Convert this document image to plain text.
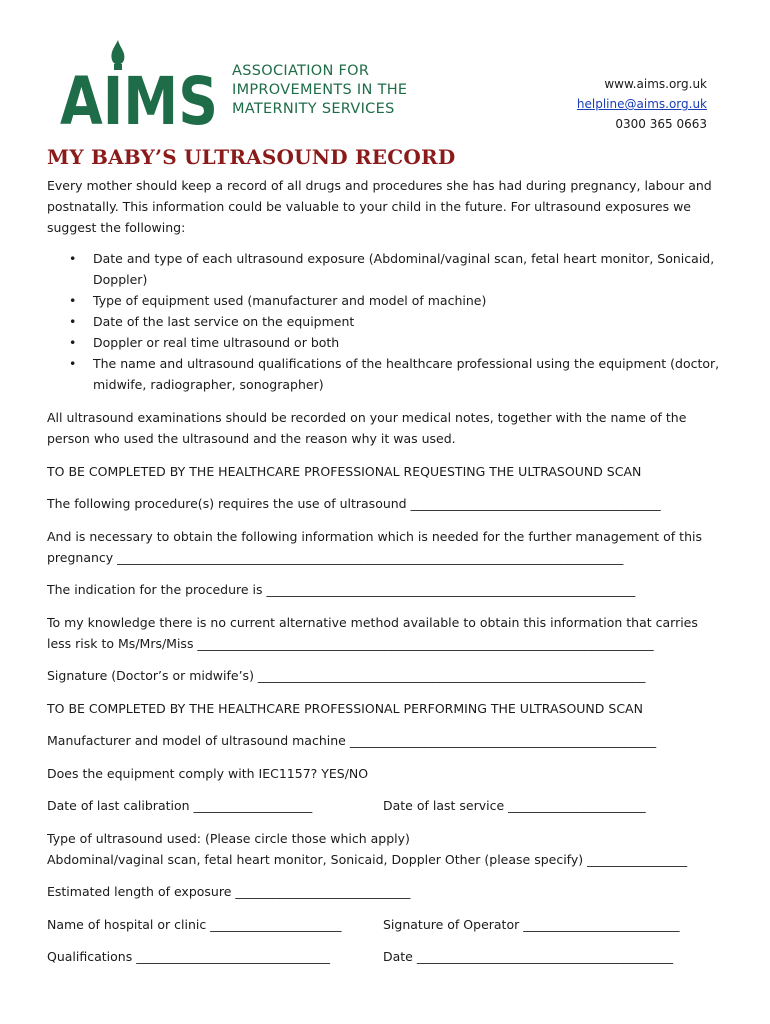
AIMS ASSOCIATION FOR
IMPROVEMENTS IN THE
MATERNITY SERVICES
www.aims.org.uk
helpline@aims.org.uk
0300 365 0663
MY BABY’S ULTRASOUND RECORD

Every mother should keep a record of all drugs and procedures she has had during pregnancy, labour and postnatally. This information could be valuable to your child in the future. For ultrasound exposures we suggest the following:

• Date and type of each ultrasound exposure (Abdominal/vaginal scan, fetal heart monitor, Sonicaid, Doppler)
• Type of equipment used (manufacturer and model of machine)
• Date of the last service on the equipment
• Doppler or real time ultrasound or both
• The name and ultrasound qualifications of the healthcare professional using the equipment (doctor, midwife, radiographer, sonographer)

All ultrasound examinations should be recorded on your medical notes, together with the name of the person who used the ultrasound and the reason why it was used.

TO BE COMPLETED BY THE HEALTHCARE PROFESSIONAL REQUESTING THE ULTRASOUND SCAN
The following procedure(s) requires the use of ultrasound ________________________________________
And is necessary to obtain the following information which is needed for the further management of this
pregnancy _________________________________________________________________________________
The indication for the procedure is ___________________________________________________________
To my knowledge there is no current alternative method available to obtain this information that carries
less risk to Ms/Mrs/Miss _________________________________________________________________________
Signature (Doctor’s or midwife’s) ______________________________________________________________
TO BE COMPLETED BY THE HEALTHCARE PROFESSIONAL PERFORMING THE ULTRASOUND SCAN
Manufacturer and model of ultrasound machine _________________________________________________
Does the equipment comply with IEC1157? YES/NO
Date of last calibration ___________________	Date of last service ______________________
Type of ultrasound used: (Please circle those which apply)
Abdominal/vaginal scan, fetal heart monitor, Sonicaid, Doppler Other (please specify) ________________
Estimated length of exposure ____________________________
Name of hospital or clinic _____________________	Signature of Operator _________________________
Qualifications _______________________________	Date _________________________________________
